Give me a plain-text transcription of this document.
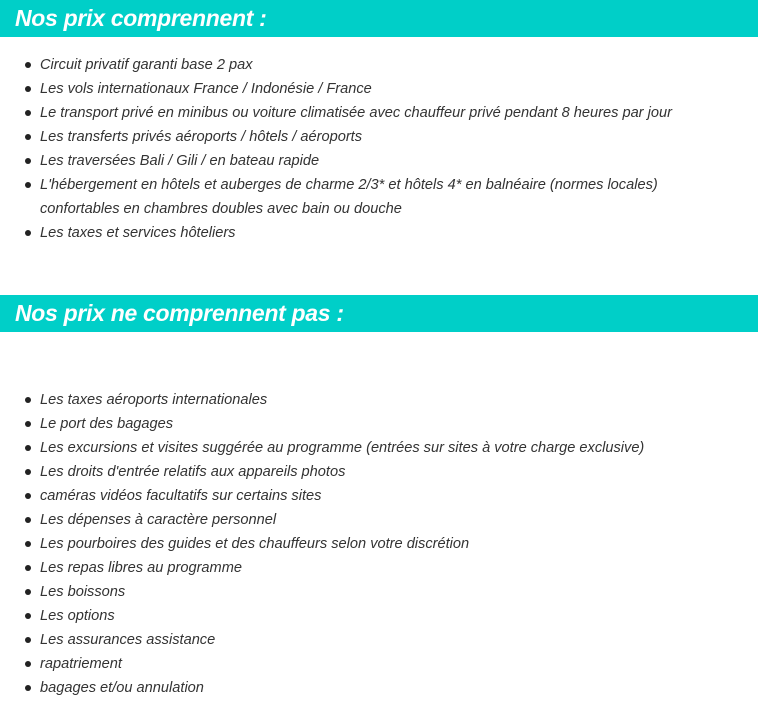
Nos prix comprennent :
Circuit privatif garanti base 2 pax
Les vols internationaux France / Indonésie / France
Le transport privé en minibus ou voiture climatisée avec chauffeur privé pendant 8 heures par jour
Les transferts privés aéroports / hôtels / aéroports
Les traversées Bali / Gili / en bateau rapide
L'hébergement en hôtels et auberges de charme 2/3* et hôtels 4* en balnéaire (normes locales) confortables en chambres doubles avec bain ou douche
Les taxes et services hôteliers
Nos prix ne comprennent pas :
Les taxes aéroports internationales
Le port des bagages
Les excursions et visites suggérée au programme (entrées sur sites à votre charge exclusive)
Les droits d'entrée relatifs aux appareils photos
caméras vidéos facultatifs sur certains sites
Les dépenses à caractère personnel
Les pourboires des guides et des chauffeurs selon votre discrétion
Les repas libres au programme
Les boissons
Les options
Les assurances assistance
rapatriement
bagages et/ou annulation
